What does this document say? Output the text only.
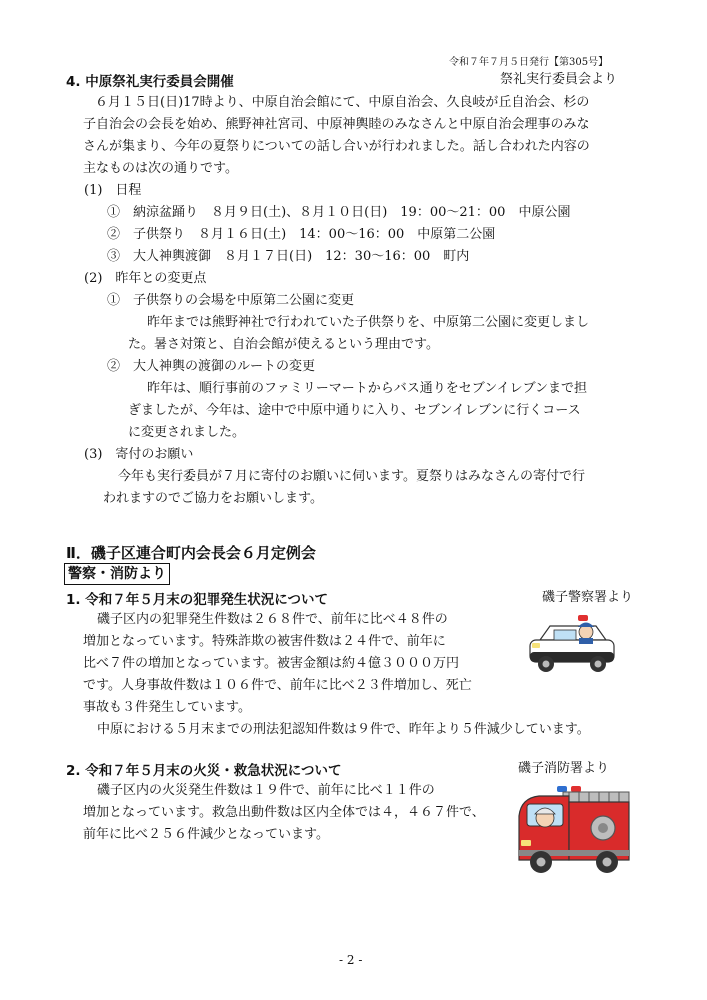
令和７年７月５日発行【第305号】
4. 中原祭礼実行委員会開催	祭礼実行委員会より
６月１５日(日)17時より、中原自治会館にて、中原自治会、久良岐が丘自治会、杉の
子自治会の会長を始め、熊野神社宮司、中原神輿睦のみなさんと中原自治会理事のみな
さんが集まり、今年の夏祭りについての話し合いが行われました。話し合われた内容の
主なものは次の通りです。
(1)　日程
①　納涼盆踊り　８月９日(土)、８月１０日(日)　19：00～21：00　中原公園
②　子供祭り　８月１６日(土)　14：00～16：00　中原第二公園
③　大人神輿渡御　８月１７日(日)　12：30～16：00　町内
(2)　昨年との変更点
①　子供祭りの会場を中原第二公園に変更
昨年までは熊野神社で行われていた子供祭りを、中原第二公園に変更しまし
た。暑さ対策と、自治会館が使えるという理由です。
②　大人神輿の渡御のルートの変更
昨年は、順行事前のファミリーマートからバス通りをセブンイレブンまで担
ぎましたが、今年は、途中で中原中通りに入り、セブンイレブンに行くコース
に変更されました。
(3)　寄付のお願い
今年も実行委員が７月に寄付のお願いに伺います。夏祭りはみなさんの寄付で行
われますのでご協力をお願いします。
Ⅱ．磯子区連合町内会長会６月定例会
警察・消防より
1. 令和７年５月末の犯罪発生状況について	磯子警察署より
磯子区内の犯罪発生件数は２６８件で、前年に比べ４８件の
増加となっています。特殊詐欺の被害件数は２４件で、前年に
比べ７件の増加となっています。被害金額は約４億３０００万円
です。人身事故件数は１０６件で、前年に比べ２３件増加し、死亡
事故も３件発生しています。
中原における５月末までの刑法犯認知件数は９件で、昨年より５件減少しています。
2. 令和７年５月末の火災・救急状況について	磯子消防署より
磯子区内の火災発生件数は１９件で、前年に比べ１１件の
増加となっています。救急出動件数は区内全体では４，４６７件で、
前年に比べ２５６件減少となっています。
- 2 -
